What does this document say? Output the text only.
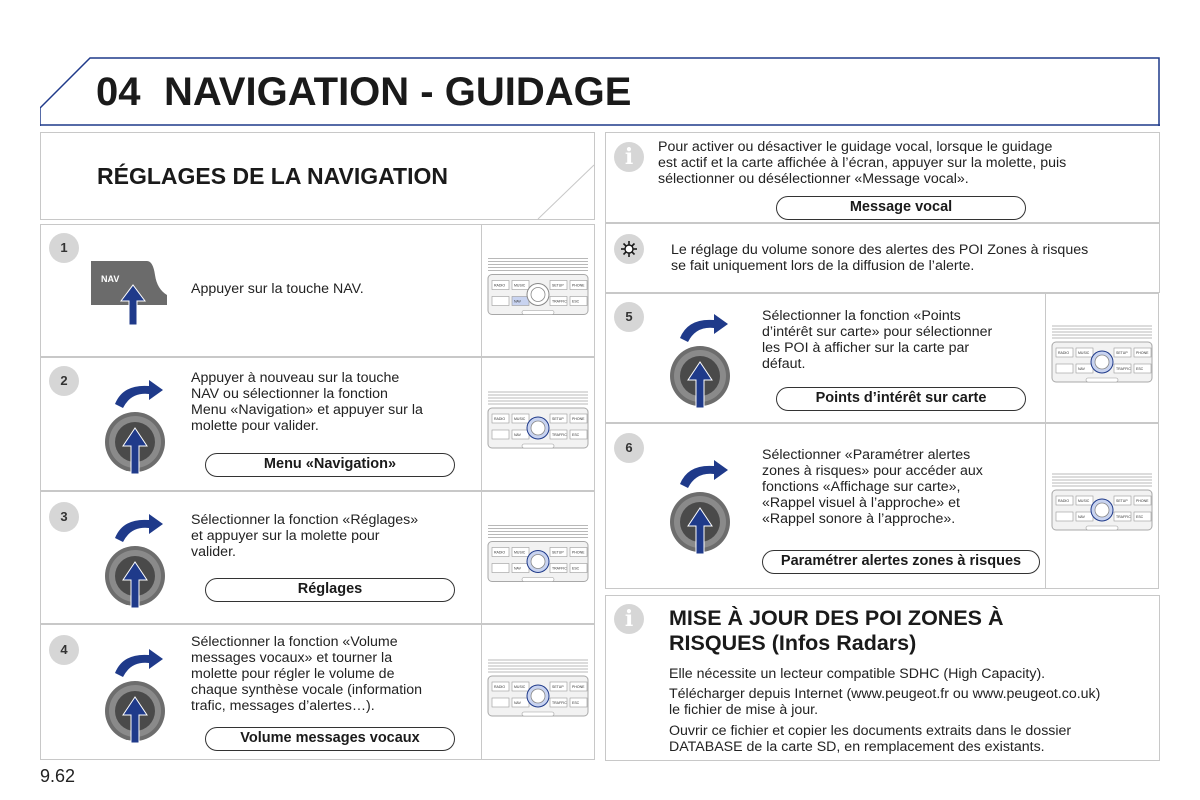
04 NAVIGATION - GUIDAGE
RÉGLAGES DE LA NAVIGATION
1
NAV
Appuyer sur la touche NAV.	RADIO	MUSIC
NAV
SETUP
TRAFFIC
PHONE
ESC
2	Appuyer à nouveau sur la touche
NAV ou sélectionner la fonction
Menu «Navigation» et appuyer sur la
molette pour valider.
Menu «Navigation»
RADIO	MUSIC
NAV
SETUP
TRAFFIC
PHONE
ESC
3	Sélectionner la fonction «Réglages»
et appuyer sur la molette pour
valider.
Réglages
RADIO	MUSIC
NAV
SETUP
TRAFFIC
PHONE
ESC
4	Sélectionner la fonction «Volume
messages vocaux» et tourner la
molette pour régler le volume de
chaque synthèse vocale (information
trafic, messages d’alertes…).
Volume messages vocaux
RADIO	MUSIC
NAV
SETUP
TRAFFIC
PHONE
ESC
i	Pour activer ou désactiver le guidage vocal, lorsque le guidage
est actif et la carte affichée à l’écran, appuyer sur la molette, puis
sélectionner ou désélectionner «Message vocal».
Message vocal
Le réglage du volume sonore des alertes des POI Zones à risques
se fait uniquement lors de la diffusion de l’alerte.
5	Sélectionner la fonction «Points
d’intérêt sur carte» pour sélectionner
les POI à afficher sur la carte par
défaut.
Points d’intérêt sur carte
RADIO	MUSIC
NAV
SETUP
TRAFFIC
PHONE
ESC
6	Sélectionner «Paramétrer alertes
zones à risques» pour accéder aux
fonctions «Affichage sur carte»,
«Rappel visuel à l’approche» et
«Rappel sonore à l’approche».
Paramétrer alertes zones à risques
RADIO	MUSIC
NAV
SETUP
TRAFFIC
PHONE
ESC
i	MISE À JOUR DES POI ZONES À
RISQUES (Infos Radars)
Elle nécessite un lecteur compatible SDHC (High Capacity).
Télécharger depuis Internet (www.peugeot.fr ou www.peugeot.co.uk)
le fichier de mise à jour.
Ouvrir ce fichier et copier les documents extraits dans le dossier
DATABASE de la carte SD, en remplacement des existants.
9.62
